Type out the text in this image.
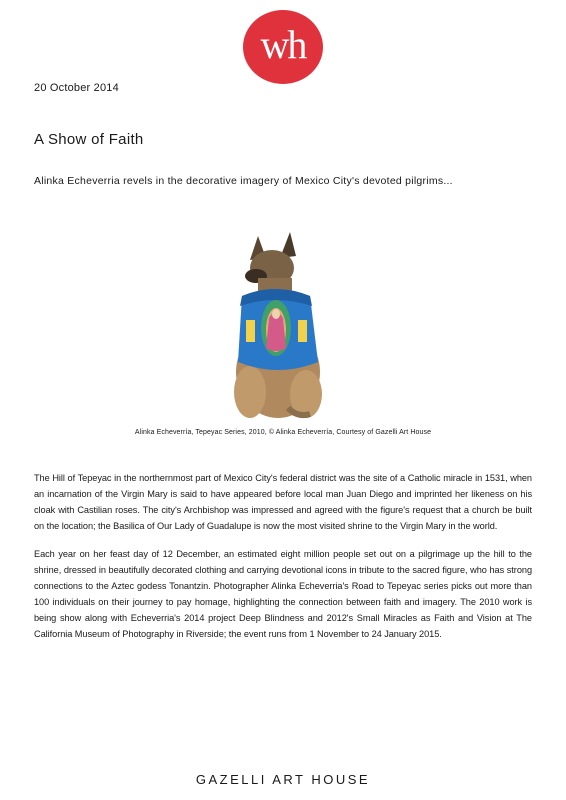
wh
20 October 2014
A Show of Faith

Alinka Echeverria revels in the decorative imagery of Mexico City's devoted pilgrims...

Alinka Echeverría, Tepeyac Series, 2010, © Alinka Echeverría, Courtesy of Gazelli Art House

The Hill of Tepeyac in the northernmost part of Mexico City's federal district was the site of a Catholic miracle in 1531, when an incarnation of the Virgin Mary is said to have appeared before local man Juan Diego and imprinted her likeness on his cloak with Castilian roses. The city's Archbishop was impressed and agreed with the figure's request that a church be built on the location; the Basilica of Our Lady of Guadalupe is now the most visited shrine to the Virgin Mary in the world.

Each year on her feast day of 12 December, an estimated eight million people set out on a pilgrimage up the hill to the shrine, dressed in beautifully decorated clothing and carrying devotional icons in tribute to the sacred figure, who has strong connections to the Aztec godess Tonantzin. Photographer Alinka Echeverria's Road to Tepeyac series picks out more than 100 individuals on their journey to pay homage, highlighting the connection between faith and imagery. The 2010 work is being show along with Echeverria's 2014 project Deep Blindness and 2012's Small Miracles as Faith and Vision at The California Museum of Photography in Riverside; the event runs from 1 November to 24 January 2015.

GAZELLI ART HOUSE
